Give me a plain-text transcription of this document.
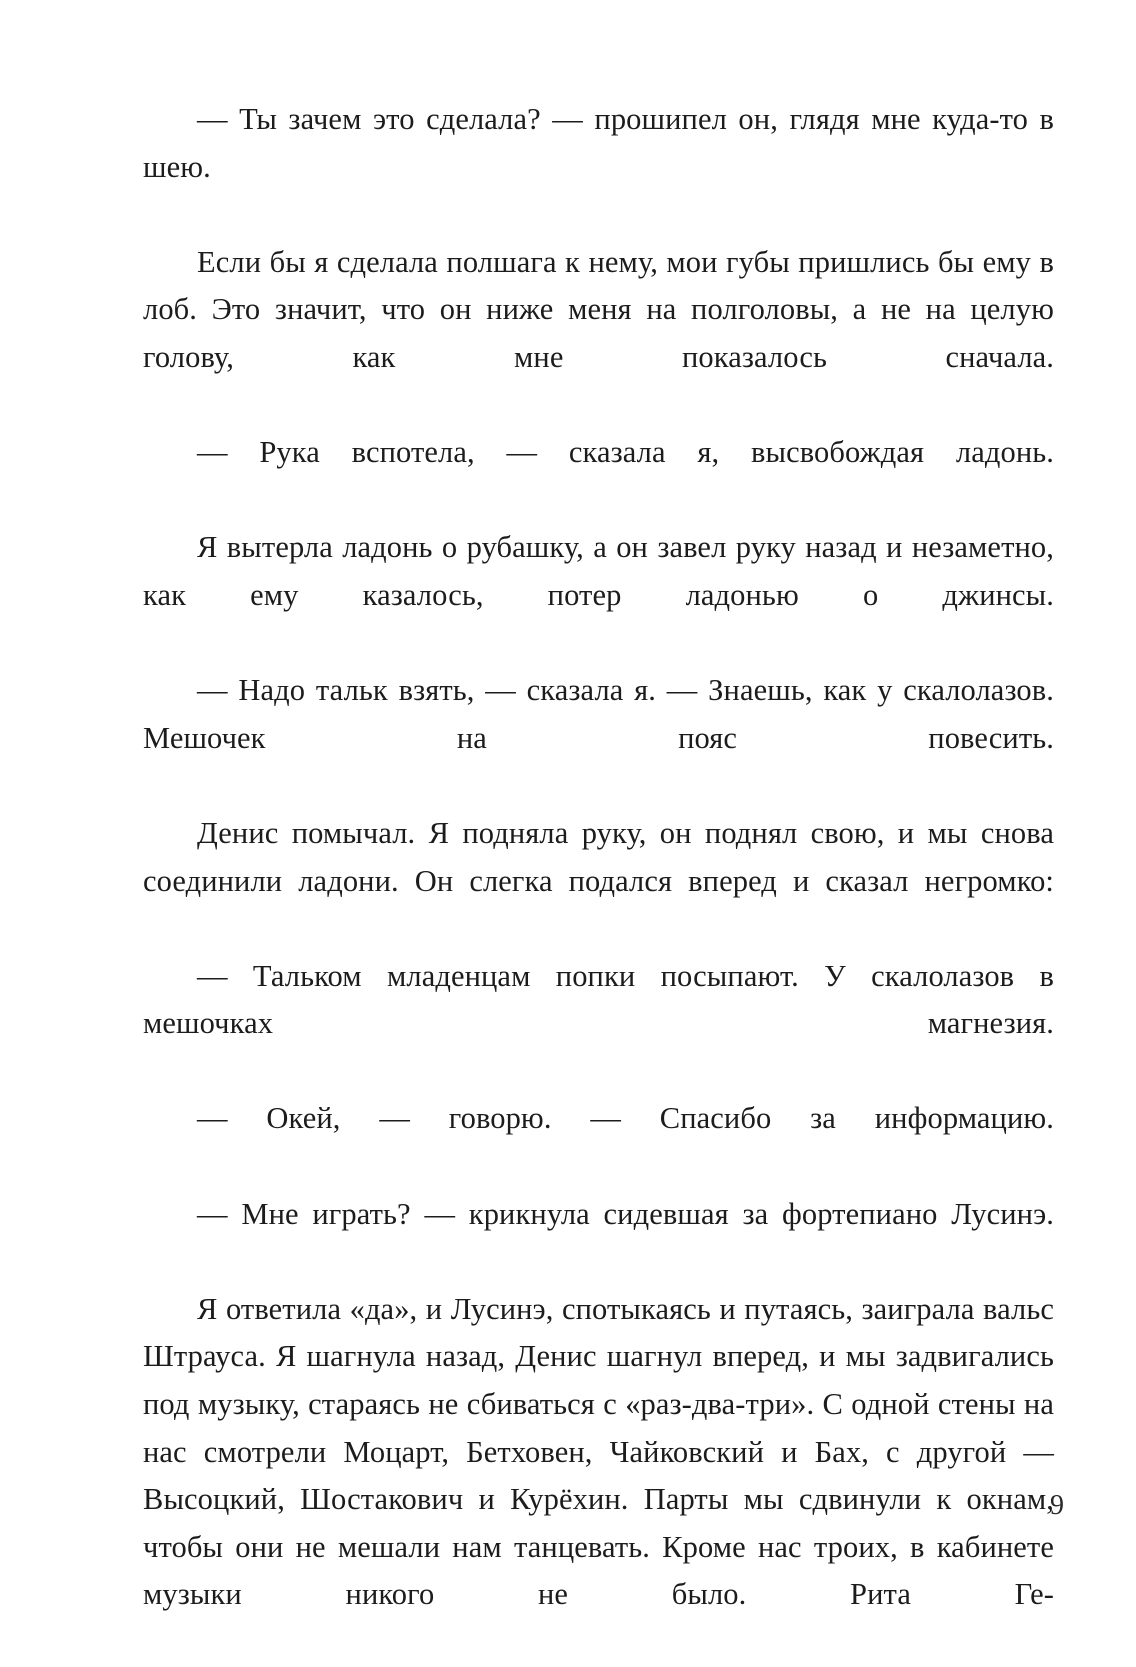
— Ты зачем это сделала? — прошипел он, глядя мне куда-то в шею.

Если бы я сделала полшага к нему, мои губы пришлись бы ему в лоб. Это значит, что он ниже меня на полголовы, а не на целую голову, как мне показалось сначала.

— Рука вспотела, — сказала я, высвобождая ладонь.

Я вытерла ладонь о рубашку, а он завел руку назад и незаметно, как ему казалось, потер ладонью о джинсы.

— Надо тальк взять, — сказала я. — Знаешь, как у скалолазов. Мешочек на пояс повесить.

Денис помычал. Я подняла руку, он поднял свою, и мы снова соединили ладони. Он слегка подался вперед и сказал негромко:

— Тальком младенцам попки посыпают. У скалолазов в мешочках магнезия.

— Окей, — говорю. — Спасибо за информацию.

— Мне играть? — крикнула сидевшая за фортепиано Лусинэ.

Я ответила «да», и Лусинэ, спотыкаясь и путаясь, заиграла вальс Штрауса. Я шагнула назад, Денис шагнул вперед, и мы задвигались под музыку, стараясь не сбиваться с «раз-два-три». С одной стены на нас смотрели Моцарт, Бетховен, Чайковский и Бах, с другой — Высоцкий, Шостакович и Курёхин. Парты мы сдвинули к окнам, чтобы они не мешали нам танцевать. Кроме нас троих, в кабинете музыки никого не было. Рита Ге-

9
